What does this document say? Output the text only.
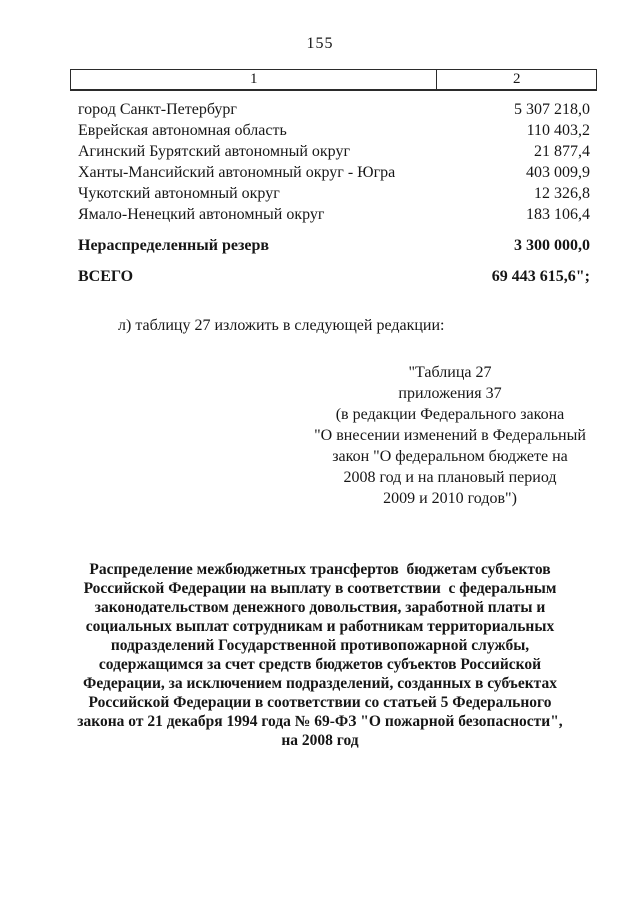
155
1	2
город Санкт-Петербург	5 307 218,0
Еврейская автономная область	110 403,2
Агинский Бурятский автономный округ	21 877,4
Ханты-Мансийский автономный округ - Югра	403 009,9
Чукотский автономный округ	12 326,8
Ямало-Ненецкий автономный округ	183 106,4
Нераспределенный резерв	3 300 000,0
ВСЕГО	69 443 615,6";
л) таблицу 27 изложить в следующей редакции:
"Таблица 27
приложения 37
(в редакции Федерального закона
"О внесении изменений в Федеральный
закон "О федеральном бюджете на
2008 год и на плановый период
2009 и 2010 годов")
Распределение межбюджетных трансфертов  бюджетам субъектов
Российской Федерации на выплату в соответствии  с федеральным
законодательством денежного довольствия, заработной платы и
социальных выплат сотрудникам и работникам территориальных
подразделений Государственной противопожарной службы,
содержащимся за счет средств бюджетов субъектов Российской
Федерации, за исключением подразделений, созданных в субъектах
Российской Федерации в соответствии со статьей 5 Федерального
закона от 21 декабря 1994 года № 69-ФЗ "О пожарной безопасности",
на 2008 год
